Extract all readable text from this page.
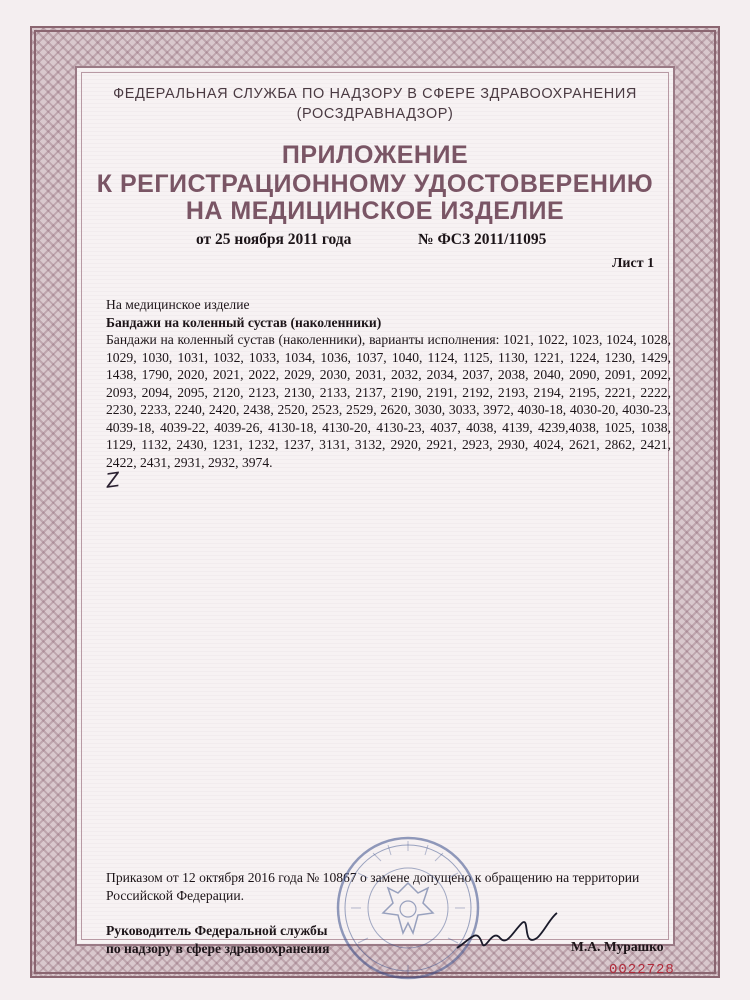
ФЕДЕРАЛЬНАЯ СЛУЖБА ПО НАДЗОРУ В СФЕРЕ ЗДРАВООХРАНЕНИЯ
(РОСЗДРАВНАДЗОР)
ПРИЛОЖЕНИЕ
К РЕГИСТРАЦИОННОМУ УДОСТОВЕРЕНИЮ
НА МЕДИЦИНСКОЕ ИЗДЕЛИЕ
от 25 ноября 2011 года	№ ФСЗ 2011/11095
Лист 1
На медицинское изделие
Бандажи на коленный сустав (наколенники)
Бандажи на коленный сустав (наколенники), варианты исполнения: 1021, 1022, 1023, 1024, 1028, 1029, 1030, 1031, 1032, 1033, 1034, 1036, 1037, 1040, 1124, 1125, 1130, 1221, 1224, 1230, 1429, 1438, 1790, 2020, 2021, 2022, 2029, 2030, 2031, 2032, 2034, 2037, 2038, 2040, 2090, 2091, 2092, 2093, 2094, 2095, 2120, 2123, 2130, 2133, 2137, 2190, 2191, 2192, 2193, 2194, 2195, 2221, 2222, 2230, 2233, 2240, 2420, 2438, 2520, 2523, 2529, 2620, 3030, 3033, 3972, 4030-18, 4030-20, 4030-23, 4039-18, 4039-22, 4039-26, 4130-18, 4130-20, 4130-23, 4037, 4038, 4139, 4239,4038, 1025, 1038, 1129, 1132, 2430, 1231, 1232, 1237, 3131, 3132, 2920, 2921, 2923, 2930, 4024, 2621, 2862, 2421, 2422, 2431, 2931, 2932, 3974.
Z
Приказом от 12 октября 2016 года № 10867 о замене допущено к обращению на территории Российской Федерации.
Руководитель Федеральной службы
по надзору в сфере здравоохранения	М.А. Мурашко
0022728
